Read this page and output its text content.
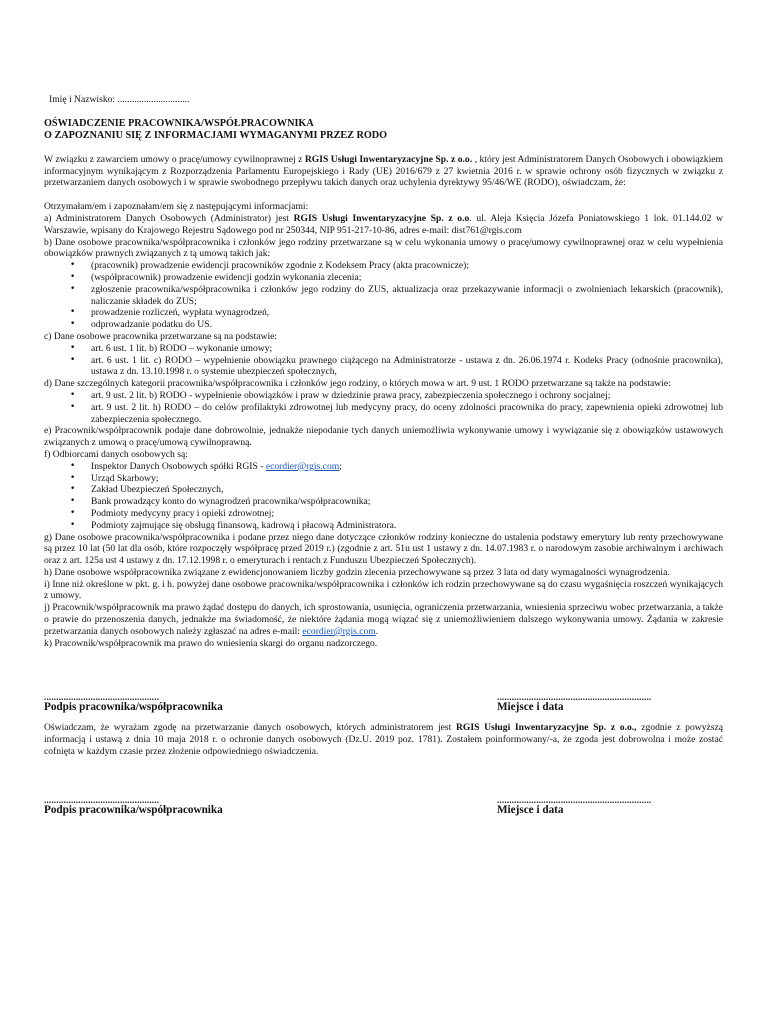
Imię i Nazwisko: ..............................

OŚWIADCZENIE PRACOWNIKA/WSPÓŁPRACOWNIKA

O ZAPOZNANIU SIĘ Z INFORMACJAMI WYMAGANYMI PRZEZ RODO

W związku z zawarciem umowy o pracę/umowy cywilnoprawnej z RGIS Usługi Inwentaryzacyjne Sp. z o.o. , który jest Administratorem Danych Osobowych i obowiązkiem informacyjnym wynikającym z Rozporządzenia Parlamentu Europejskiego i Rady (UE) 2016/679 z 27 kwietnia 2016 r. w sprawie ochrony osób fizycznych w związku z przetwarzaniem danych osobowych i w sprawie swobodnego przepływu takich danych oraz uchylenia dyrektywy 95/46/WE (RODO), oświadczam, że:

Otrzymałam/em i zapoznałam/em się z następującymi informacjami:

a) Administratorem Danych Osobowych (Administrator) jest RGIS Usługi Inwentaryzacyjne Sp. z o.o. ul. Aleja Księcia Józefa Poniatowskiego 1 lok. 01.144.02 w Warszawie, wpisany do Krajowego Rejestru Sądowego pod nr 250344, NIP 951-217-10-86, adres e-mail: dist761@rgis.com

b) Dane osobowe pracownika/współpracownika i członków jego rodziny przetwarzane są w celu wykonania umowy o pracę/umowy cywilnoprawnej oraz w celu wypełnienia obowiązków prawnych związanych z tą umową takich jak:

• (pracownik) prowadzenie ewidencji pracowników zgodnie z Kodeksem Pracy (akta pracownicze);
• (współpracownik) prowadzenie ewidencji godzin wykonania zlecenia;
• zgłoszenie pracownika/współpracownika i członków jego rodziny do ZUS, aktualizacja oraz przekazywanie informacji o zwolnieniach lekarskich (pracownik), naliczanie składek do ZUS;
• prowadzenie rozliczeń, wypłata wynagrodzeń,
• odprowadzanie podatku do US.

c) Dane osobowe pracownika przetwarzane są na podstawie:

• art. 6 ust. 1 lit. b) RODO – wykonanie umowy;
• art. 6 ust. 1 lit. c) RODO – wypełnienie obowiązku prawnego ciążącego na Administratorze - ustawa z dn. 26.06.1974 r. Kodeks Pracy (odnośnie pracownika), ustawa z dn. 13.10.1998 r. o systemie ubezpieczeń społecznych,

d) Dane szczególnych kategorii pracownika/współpracownika i członków jego rodziny, o których mowa w art. 9 ust. 1 RODO przetwarzane są także na podstawie:

• art. 9 ust. 2 lit. b) RODO - wypełnienie obowiązków i praw w dziedzinie prawa pracy, zabezpieczenia społecznego i ochrony socjalnej;
• art. 9 ust. 2 lit. h) RODO – do celów profilaktyki zdrowotnej lub medycyny pracy, do oceny zdolności pracownika do pracy, zapewnienia opieki zdrowotnej lub zabezpieczenia społecznego.

e) Pracownik/współpracownik podaje dane dobrowolnie, jednakże niepodanie tych danych uniemożliwia wykonywanie umowy i wywiązanie się z obowiązków ustawowych związanych z umową o pracę/umową cywilnoprawną.

f) Odbiorcami danych osobowych są:

• Inspektor Danych Osobowych spółki RGIS - ecordier@rgis.com;
• Urząd Skarbowy;
• Zakład Ubezpieczeń Społecznych,
• Bank prowadzący konto do wynagrodzeń pracownika/współpracownika;
• Podmioty medycyny pracy i opieki zdrowotnej;
• Podmioty zajmujące się obsługą finansową, kadrową i płacową Administratora.

g) Dane osobowe pracownika/współpracownika i podane przez niego dane dotyczące członków rodziny konieczne do ustalenia podstawy emerytury lub renty przechowywane są przez 10 lat (50 lat dla osób, które rozpoczęły współpracę przed 2019 r.) (zgodnie z art. 51u ust 1 ustawy z dn. 14.07.1983 r. o narodowym zasobie archiwalnym i archiwach oraz z art. 125a ust 4 ustawy z dn. 17.12.1998 r. o emeryturach i rentach z Funduszu Ubezpieczeń Społecznych).

h) Dane osobowe współpracownika związane z ewidencjonowaniem liczby godzin zlecenia przechowywane są przez 3 lata od daty wymagalności wynagrodzenia.

i) Inne niż określone w pkt. g. i h. powyżej dane osobowe pracownika/współpracownika i członków ich rodzin przechowywane są do czasu wygaśnięcia roszczeń wynikających z umowy.

j) Pracownik/współpracownik ma prawo żądać dostępu do danych, ich sprostowania, usunięcia, ograniczenia przetwarzania, wniesienia sprzeciwu wobec przetwarzania, a także o prawie do przenoszenia danych, jednakże ma świadomość, że niektóre żądania mogą wiązać się z uniemożliwieniem dalszego wykonywania umowy. Żądania w zakresie przetwarzania danych osobowych należy zgłaszać na adres e-mail: ecordier@rgis.com.

k) Pracownik/współpracownik ma prawo do wniesienia skargi do organu nadzorczego.

...............................................
Podpis pracownika/współpracownika
...............................................................
Miejsce i data

Oświadczam, że wyrażam zgodę na przetwarzanie danych osobowych, których administratorem jest RGIS Usługi Inwentaryzacyjne Sp. z o.o., zgodnie z powyższą informacją i ustawą z dnia 10 maja 2018 r. o ochronie danych osobowych (Dz.U. 2019 poz. 1781). Zostałem poinformowany/-a, że zgoda jest dobrowolna i może zostać cofnięta w każdym czasie przez złożenie odpowiedniego oświadczenia.

...............................................
Podpis pracownika/współpracownika
...............................................................
Miejsce i data
